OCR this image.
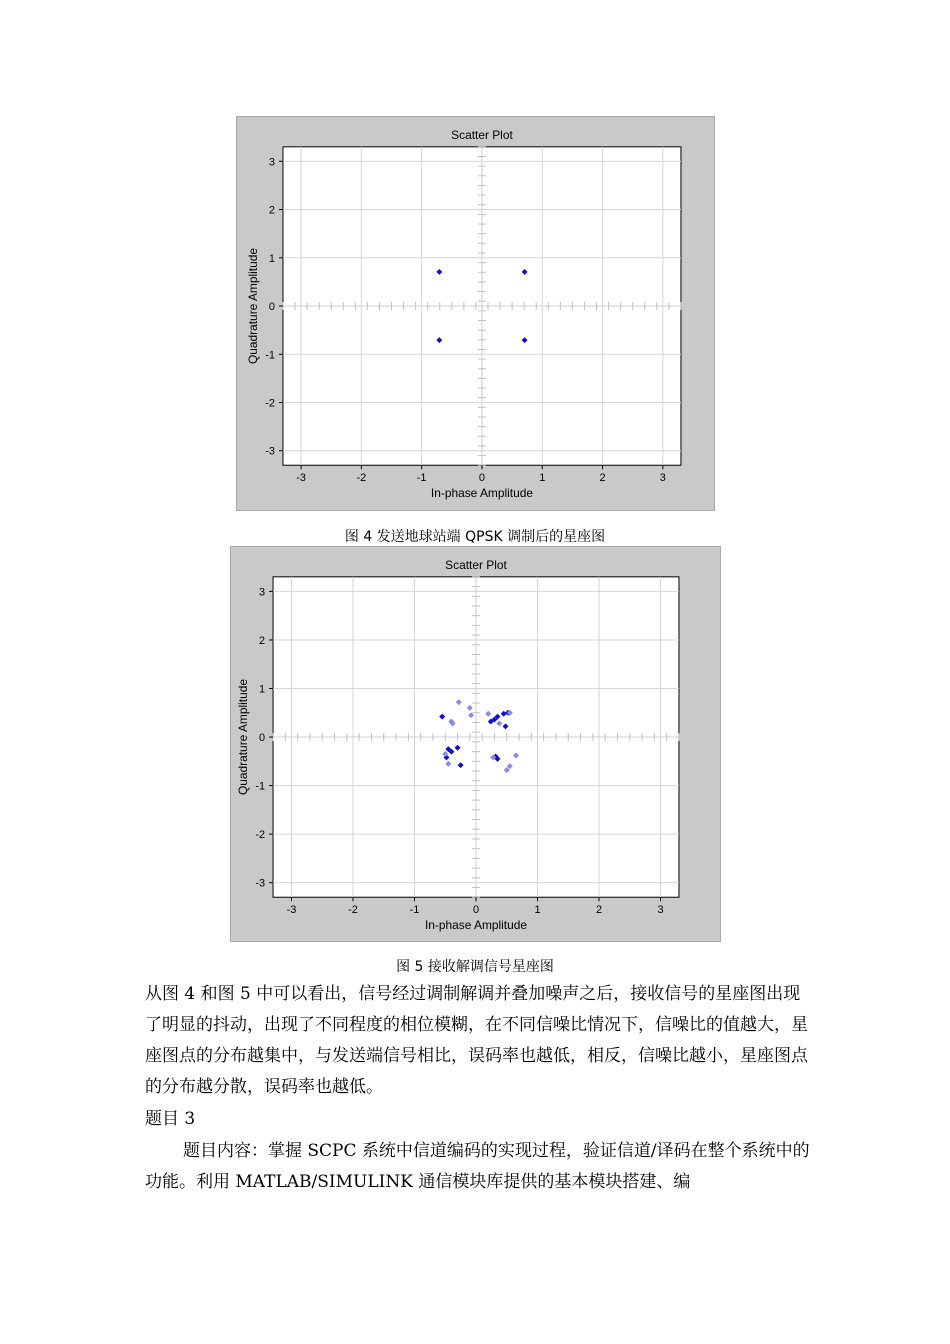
-3	-2	-1	0	1	2	3
-3
-2
-1
0
1
2
3
Scatter Plot
In-phase Amplitude
Quadrature Amplitude
图 4 发送地球站端 QPSK 调制后的星座图
-3	-2	-1	0	1	2	3
-3
-2
-1
0
1
2
3
Scatter Plot
In-phase Amplitude
Quadrature Amplitude
图 5 接收解调信号星座图

从图 4 和图 5 中可以看出，信号经过调制解调并叠加噪声之后，接收信号的星座图出现了明显的抖动，出现了不同程度的相位模糊，在不同信噪比情况下，信噪比的值越大，星座图点的分布越集中，与发送端信号相比，误码率也越低，相反，信噪比越小，星座图点的分布越分散，误码率也越低。

题目 3

题目内容：掌握 SCPC 系统中信道编码的实现过程，验证信道/译码在整个系统中的功能。利用 MATLAB/SIMULINK 通信模块库提供的基本模块搭建、编
